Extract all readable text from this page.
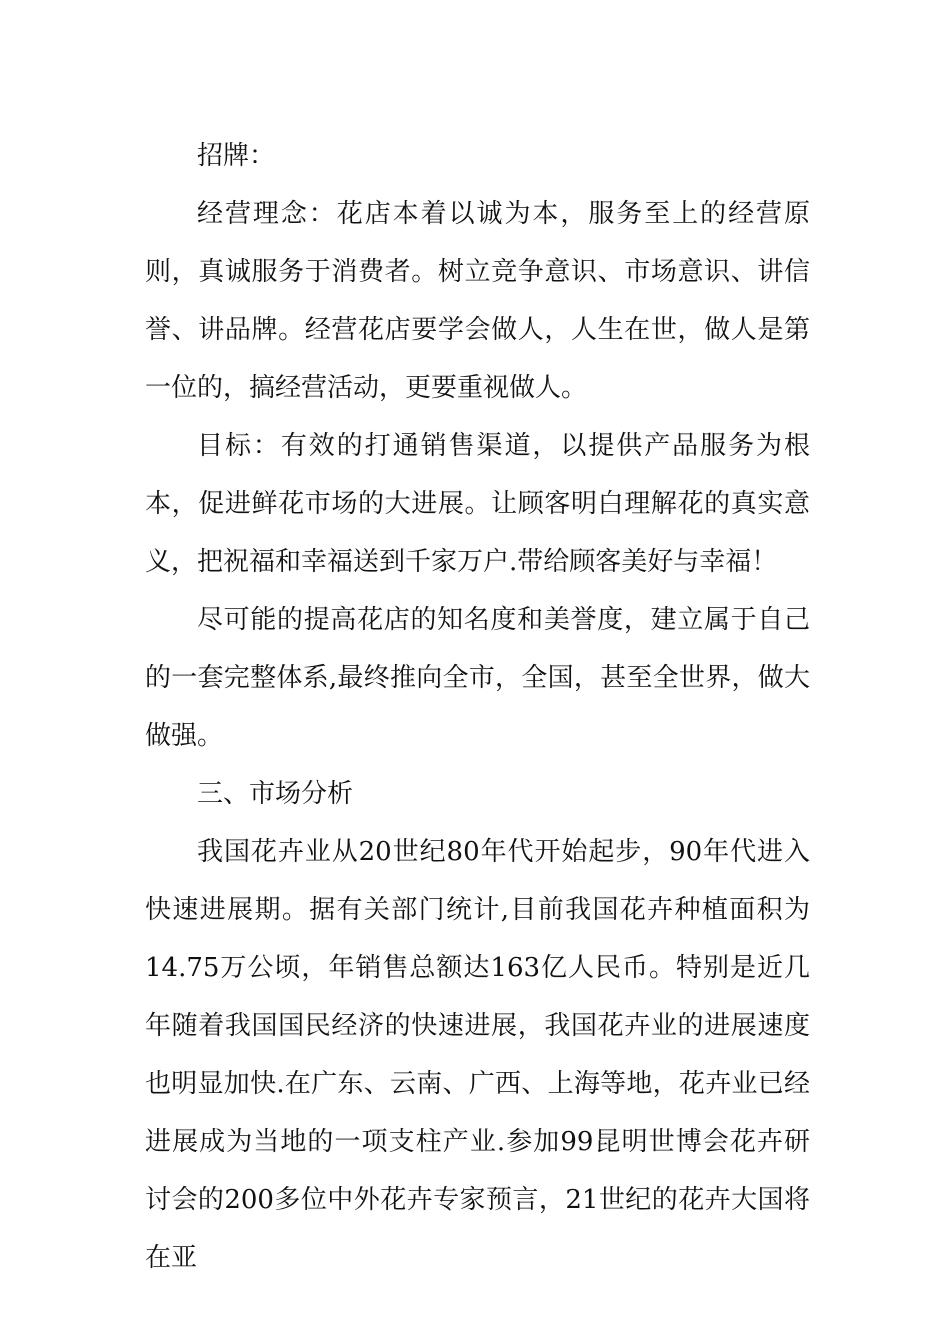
招牌：

经营理念：花店本着以诚为本，服务至上的经营原则，真诚服务于消费者。树立竞争意识、市场意识、讲信誉、讲品牌。经营花店要学会做人，人生在世，做人是第一位的，搞经营活动，更要重视做人。

目标：有效的打通销售渠道，以提供产品服务为根本，促进鲜花市场的大进展。让顾客明白理解花的真实意义，把祝福和幸福送到千家万户.带给顾客美好与幸福！

尽可能的提高花店的知名度和美誉度，建立属于自己的一套完整体系,最终推向全市，全国，甚至全世界，做大做强。

三、市场分析

我国花卉业从20世纪80年代开始起步，90年代进入快速进展期。据有关部门统计,目前我国花卉种植面积为14.75万公顷，年销售总额达163亿人民币。特别是近几年随着我国国民经济的快速进展，我国花卉业的进展速度也明显加快.在广东、云南、广西、上海等地，花卉业已经进展成为当地的一项支柱产业.参加99昆明世博会花卉研讨会的200多位中外花卉专家预言，21世纪的花卉大国将在亚
